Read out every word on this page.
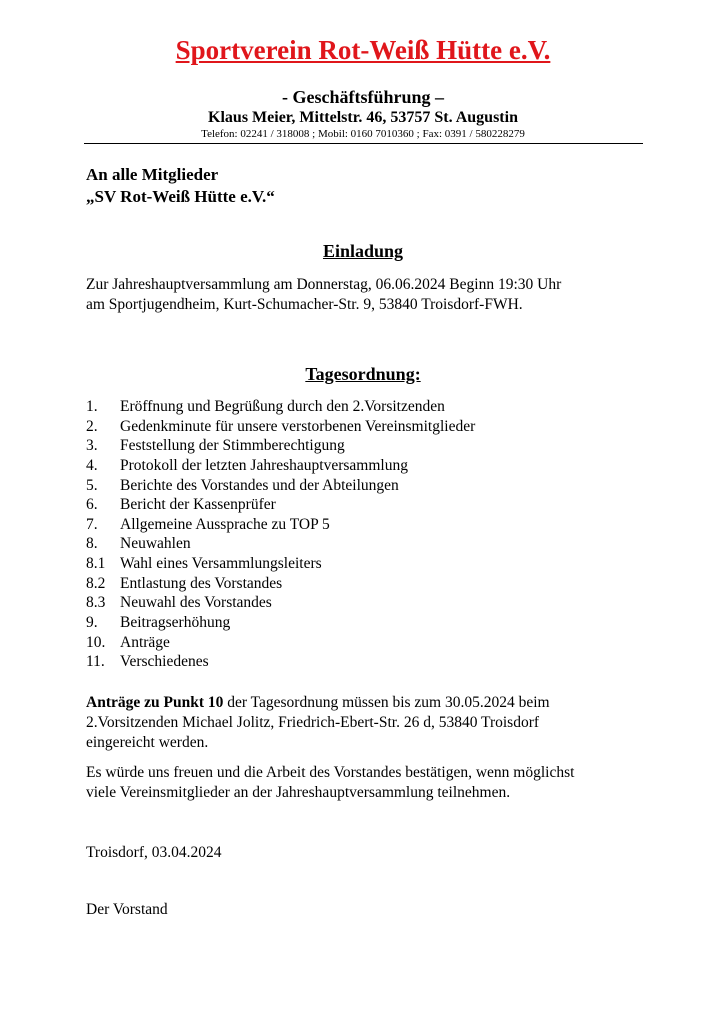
Sportverein Rot-Weiß Hütte e.V.
- Geschäftsführung –
Klaus Meier, Mittelstr. 46, 53757 St. Augustin
Telefon: 02241 / 318008 ; Mobil: 0160 7010360 ; Fax: 0391 / 580228279
An alle Mitglieder
„SV Rot-Weiß Hütte e.V.“
Einladung
Zur Jahreshauptversammlung am Donnerstag, 06.06.2024 Beginn 19:30 Uhr
am Sportjugendheim, Kurt-Schumacher-Str. 9, 53840 Troisdorf-FWH.
Tagesordnung:
1. Eröffnung und Begrüßung durch den 2.Vorsitzenden
2. Gedenkminute für unsere verstorbenen Vereinsmitglieder
3. Feststellung der Stimmberechtigung
4. Protokoll der letzten Jahreshauptversammlung
5. Berichte des Vorstandes und der Abteilungen
6. Bericht der Kassenprüfer
7. Allgemeine Aussprache zu TOP 5
8. Neuwahlen
8.1 Wahl eines Versammlungsleiters
8.2 Entlastung des Vorstandes
8.3 Neuwahl des Vorstandes
9. Beitragserhöhung
10. Anträge
11. Verschiedenes
Anträge zu Punkt 10 der Tagesordnung müssen bis zum 30.05.2024 beim
2.Vorsitzenden Michael Jolitz, Friedrich-Ebert-Str. 26 d, 53840 Troisdorf
eingereicht werden.
Es würde uns freuen und die Arbeit des Vorstandes bestätigen, wenn möglichst
viele Vereinsmitglieder an der Jahreshauptversammlung teilnehmen.
Troisdorf, 03.04.2024
Der Vorstand
